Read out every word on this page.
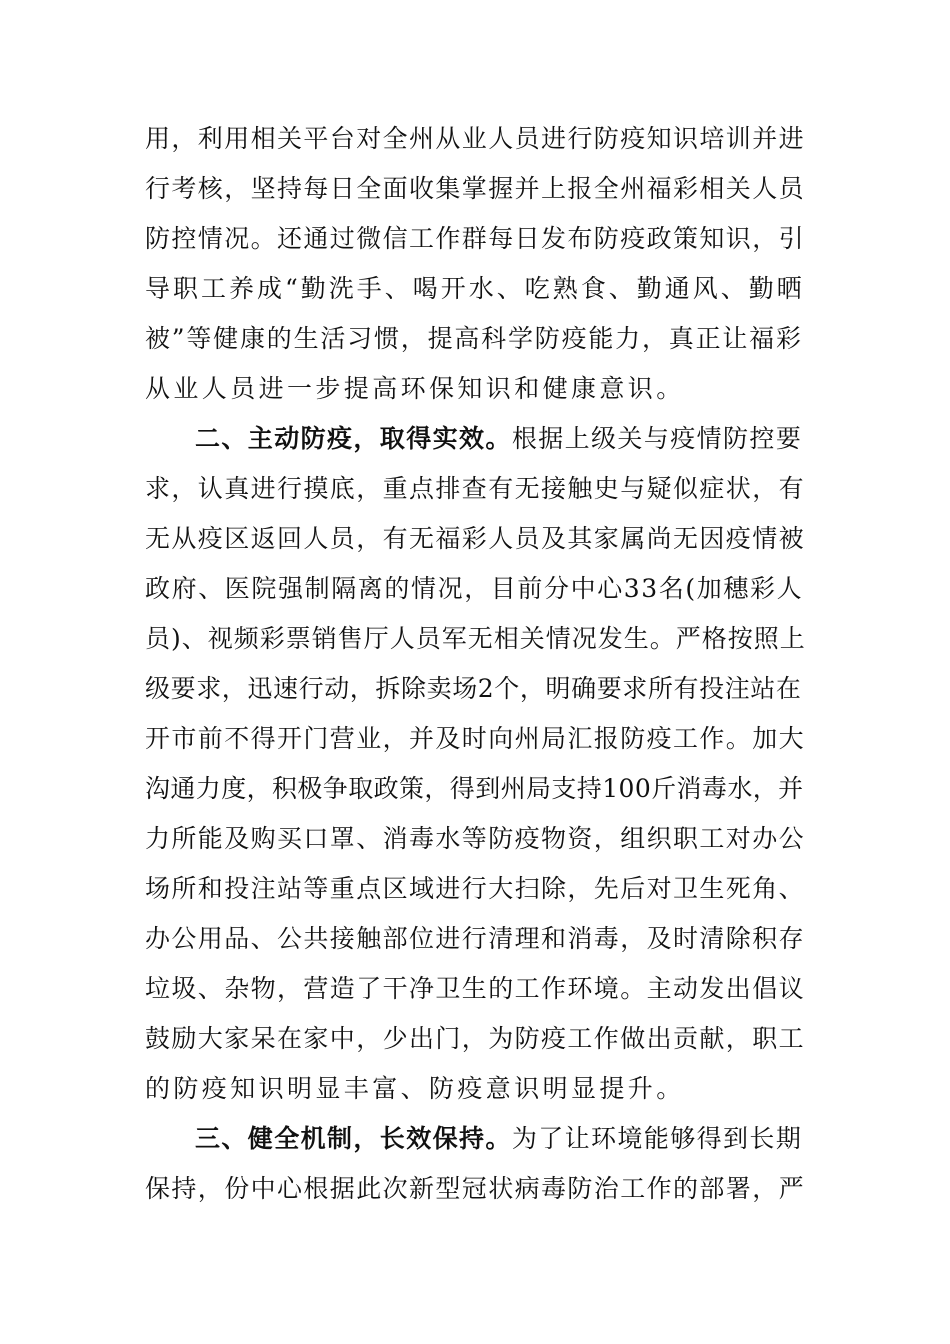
用，利用相关平台对全州从业人员进行防疫知识培训并进
行考核，坚持每日全面收集掌握并上报全州福彩相关人员
防控情况。还通过微信工作群每日发布防疫政策知识，引
导职工养成“勤洗手、喝开水、吃熟食、勤通风、勤晒
被”等健康的生活习惯，提高科学防疫能力，真正让福彩
从业人员进一步提高环保知识和健康意识。
二、主动防疫，取得实效。根据上级关与疫情防控要
求，认真进行摸底，重点排查有无接触史与疑似症状，有
无从疫区返回人员，有无福彩人员及其家属尚无因疫情被
政府、医院强制隔离的情况，目前分中心33名(加穗彩人
员)、视频彩票销售厅人员军无相关情况发生。严格按照上
级要求，迅速行动，拆除卖场2个，明确要求所有投注站在
开市前不得开门营业，并及时向州局汇报防疫工作。加大
沟通力度，积极争取政策，得到州局支持100斤消毒水，并
力所能及购买口罩、消毒水等防疫物资，组织职工对办公
场所和投注站等重点区域进行大扫除，先后对卫生死角、
办公用品、公共接触部位进行清理和消毒，及时清除积存
垃圾、杂物，营造了干净卫生的工作环境。主动发出倡议
鼓励大家呆在家中，少出门，为防疫工作做出贡献，职工
的防疫知识明显丰富、防疫意识明显提升。
三、健全机制，长效保持。为了让环境能够得到长期
保持，份中心根据此次新型冠状病毒防治工作的部署，严
